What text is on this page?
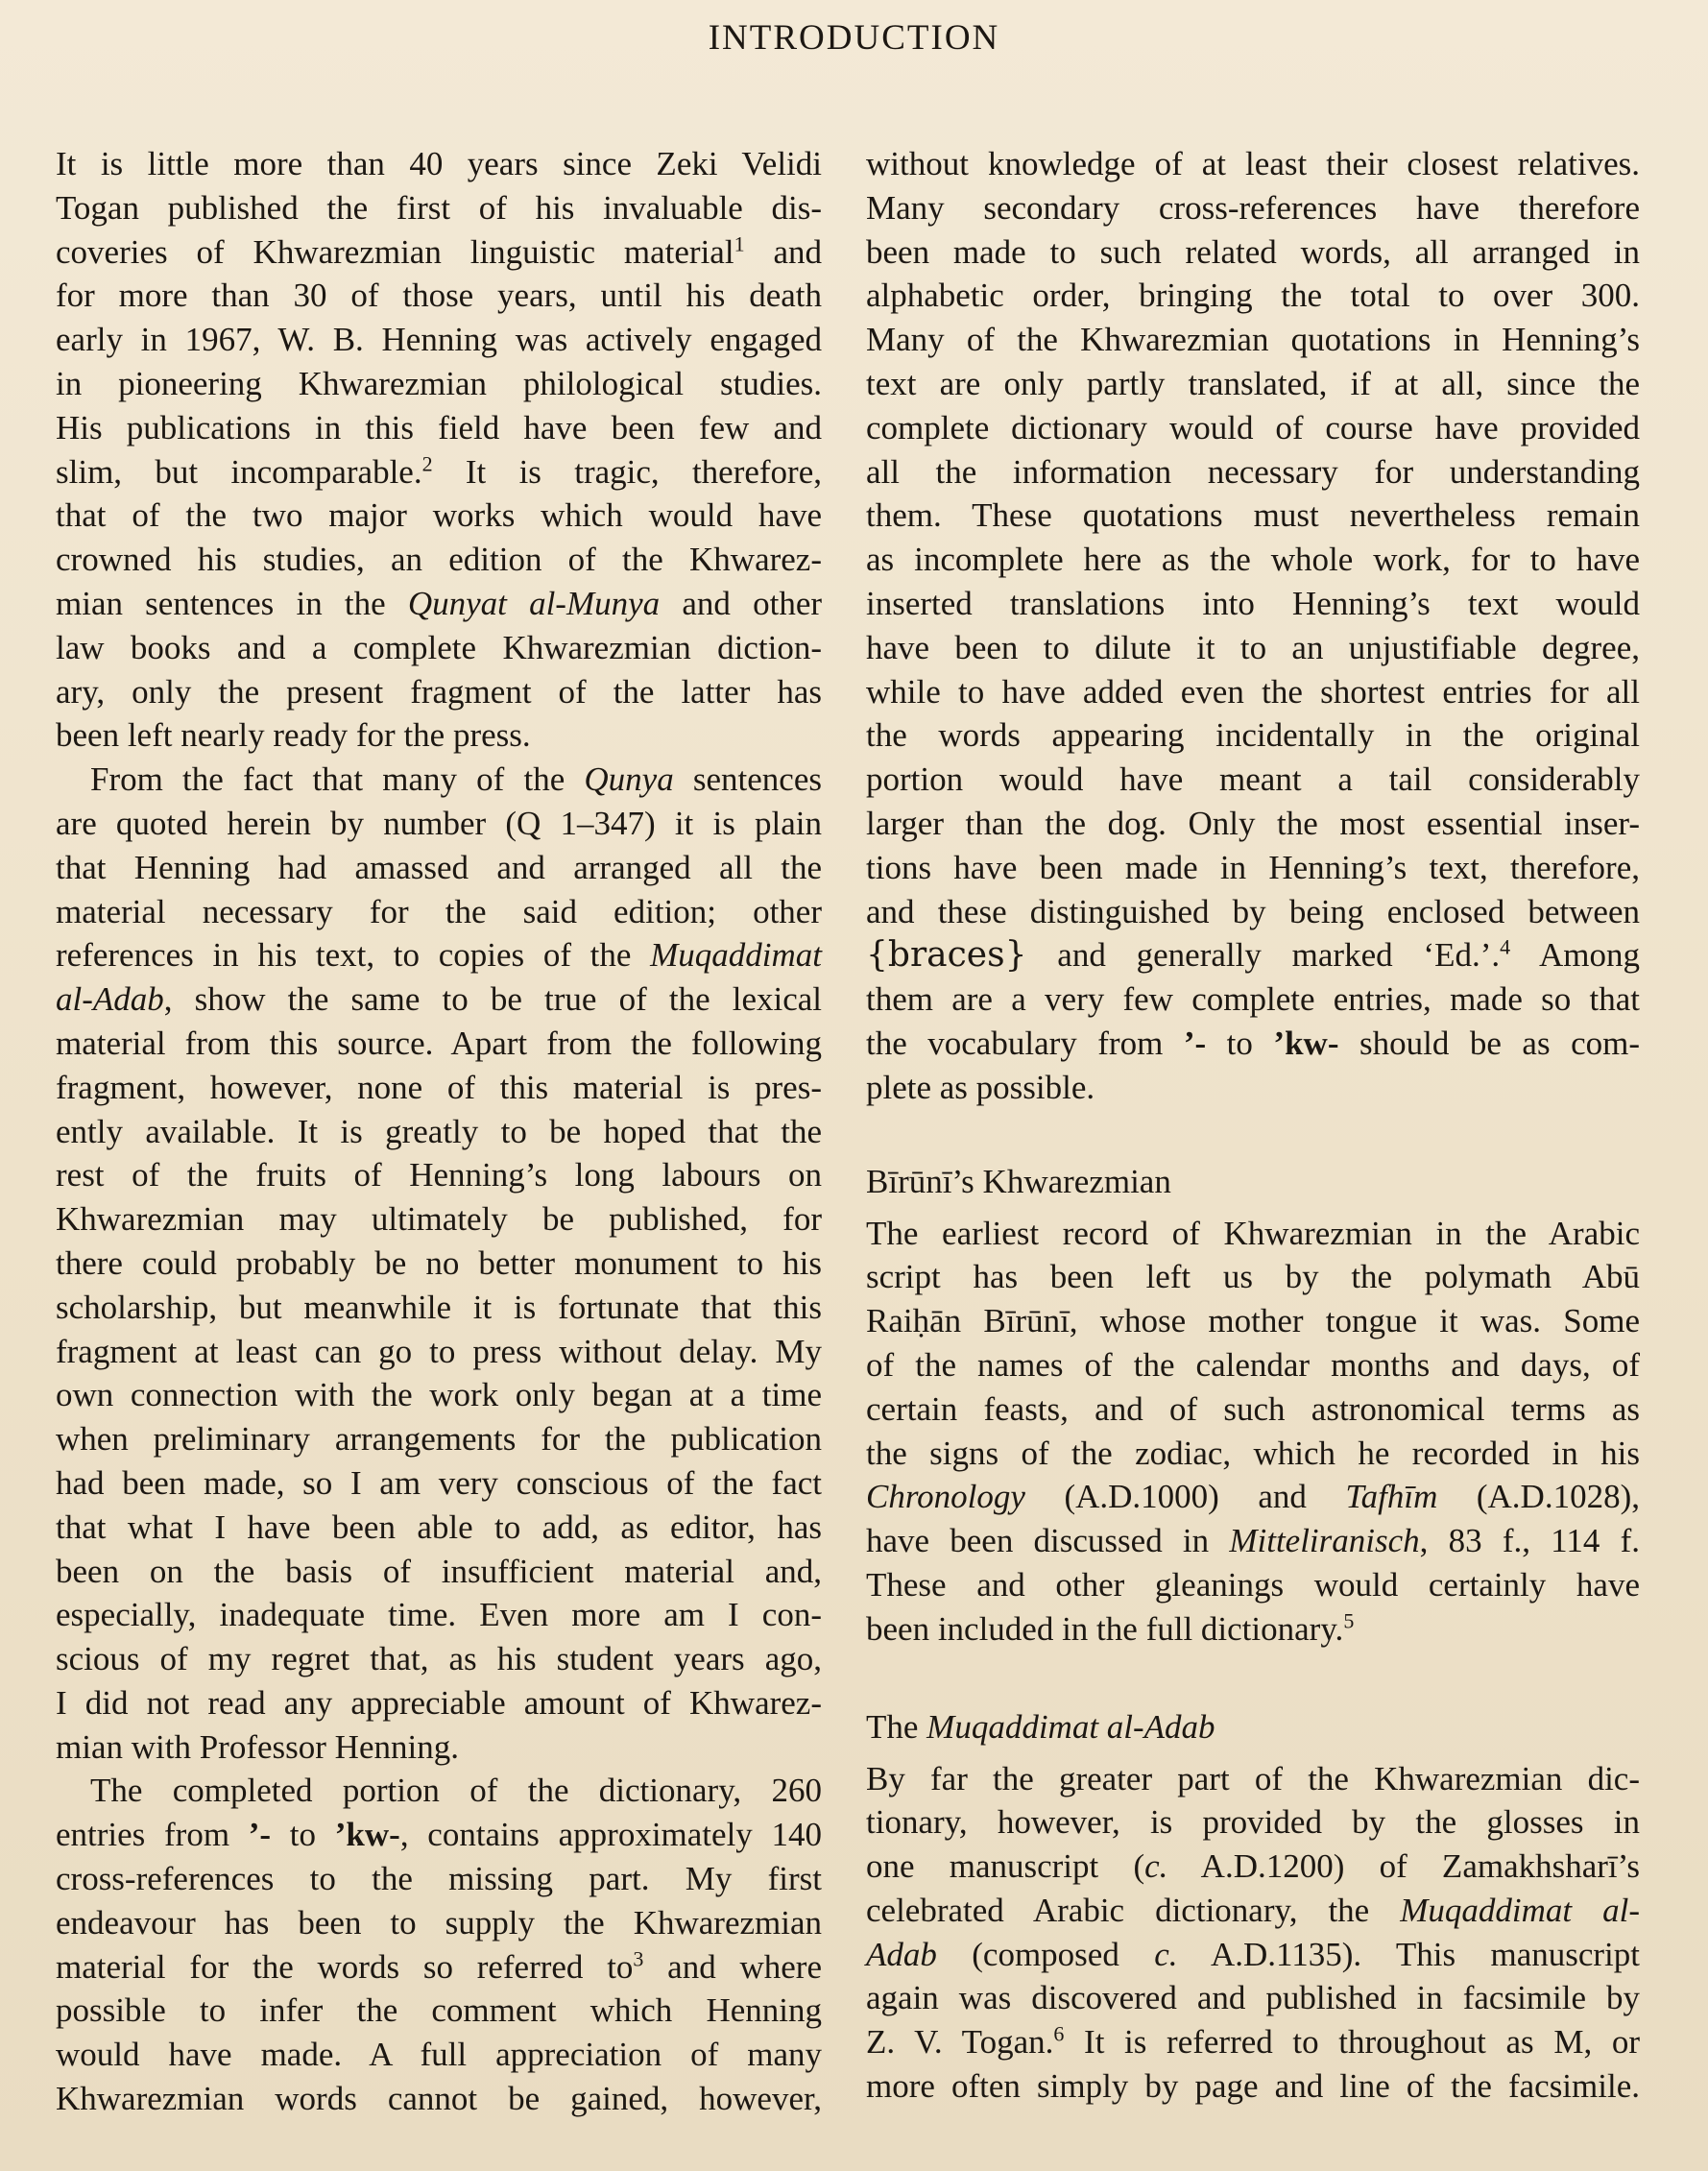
INTRODUCTION

It is little more than 40 years since Zeki Velidi
Togan published the first of his invaluable dis-
coveries of Khwarezmian linguistic material$^1$ and
for more than 30 of those years, until his death
early in 1967, W. B. Henning was actively engaged
in pioneering Khwarezmian philological studies.
His publications in this field have been few and
slim, but incomparable.$^2$ It is tragic, therefore,
that of the two major works which would have
crowned his studies, an edition of the Khwarez-
mian sentences in the Qunyat al-Munya and other
law books and a complete Khwarezmian diction-
ary, only the present fragment of the latter has
been left nearly ready for the press.

From the fact that many of the Qunya sentences
are quoted herein by number (Q 1–347) it is plain
that Henning had amassed and arranged all the
material necessary for the said edition; other
references in his text, to copies of the Muqaddimat
al-Adab, show the same to be true of the lexical
material from this source. Apart from the following
fragment, however, none of this material is pres-
ently available. It is greatly to be hoped that the
rest of the fruits of Henning’s long labours on
Khwarezmian may ultimately be published, for
there could probably be no better monument to his
scholarship, but meanwhile it is fortunate that this
fragment at least can go to press without delay. My
own connection with the work only began at a time
when preliminary arrangements for the publication
had been made, so I am very conscious of the fact
that what I have been able to add, as editor, has
been on the basis of insufficient material and,
especially, inadequate time. Even more am I con-
scious of my regret that, as his student years ago,
I did not read any appreciable amount of Khwarez-
mian with Professor Henning.

The completed portion of the dictionary, 260
entries from ’- to ’kw-, contains approximately 140
cross-references to the missing part. My first
endeavour has been to supply the Khwarezmian
material for the words so referred $to^3$ and where
possible to infer the comment which Henning
would have made. A full appreciation of many
Khwarezmian words cannot be gained, however,

without knowledge of at least their closest relatives.
Many secondary cross-references have therefore
been made to such related words, all arranged in
alphabetic order, bringing the total to over 300.
Many of the Khwarezmian quotations in Henning’s
text are only partly translated, if at all, since the
complete dictionary would of course have provided
all the information necessary for understanding
them. These quotations must nevertheless remain
as incomplete here as the whole work, for to have
inserted translations into Henning’s text would
have been to dilute it to an unjustifiable degree,
while to have added even the shortest entries for all
the words appearing incidentally in the original
portion would have meant a tail considerably
larger than the dog. Only the most essential inser-
tions have been made in Henning’s text, therefore,
and these distinguished by being enclosed between
{braces} and generally marked ‘Ed.’.$^4$ Among
them are a very few complete entries, made so that
the vocabulary from ’- to ’kw- should be as com-
plete as possible.

Bīrūnī’s Khwarezmian

The earliest record of Khwarezmian in the Arabic
script has been left us by the polymath Abū
Raiḥān Bīrūnī, whose mother tongue it was. Some
of the names of the calendar months and days, of
certain feasts, and of such astronomical terms as
the signs of the zodiac, which he recorded in his
Chronology (A.D.1000) and Tafhīm (A.D.1028),
have been discussed in Mitteliranisch, 83 f., 114 f.
These and other gleanings would certainly have
been included in the full dictionary.$^5$

The Muqaddimat al-Adab

By far the greater part of the Khwarezmian dic-
tionary, however, is provided by the glosses in
one manuscript (c. A.D.1200) of Zamakhsharī’s
celebrated Arabic dictionary, the Muqaddimat al-
Adab (composed c. A.D.1135). This manuscript
again was discovered and published in facsimile by
Z. V. Togan.$^6$ It is referred to throughout as M, or
more often simply by page and line of the facsimile.
